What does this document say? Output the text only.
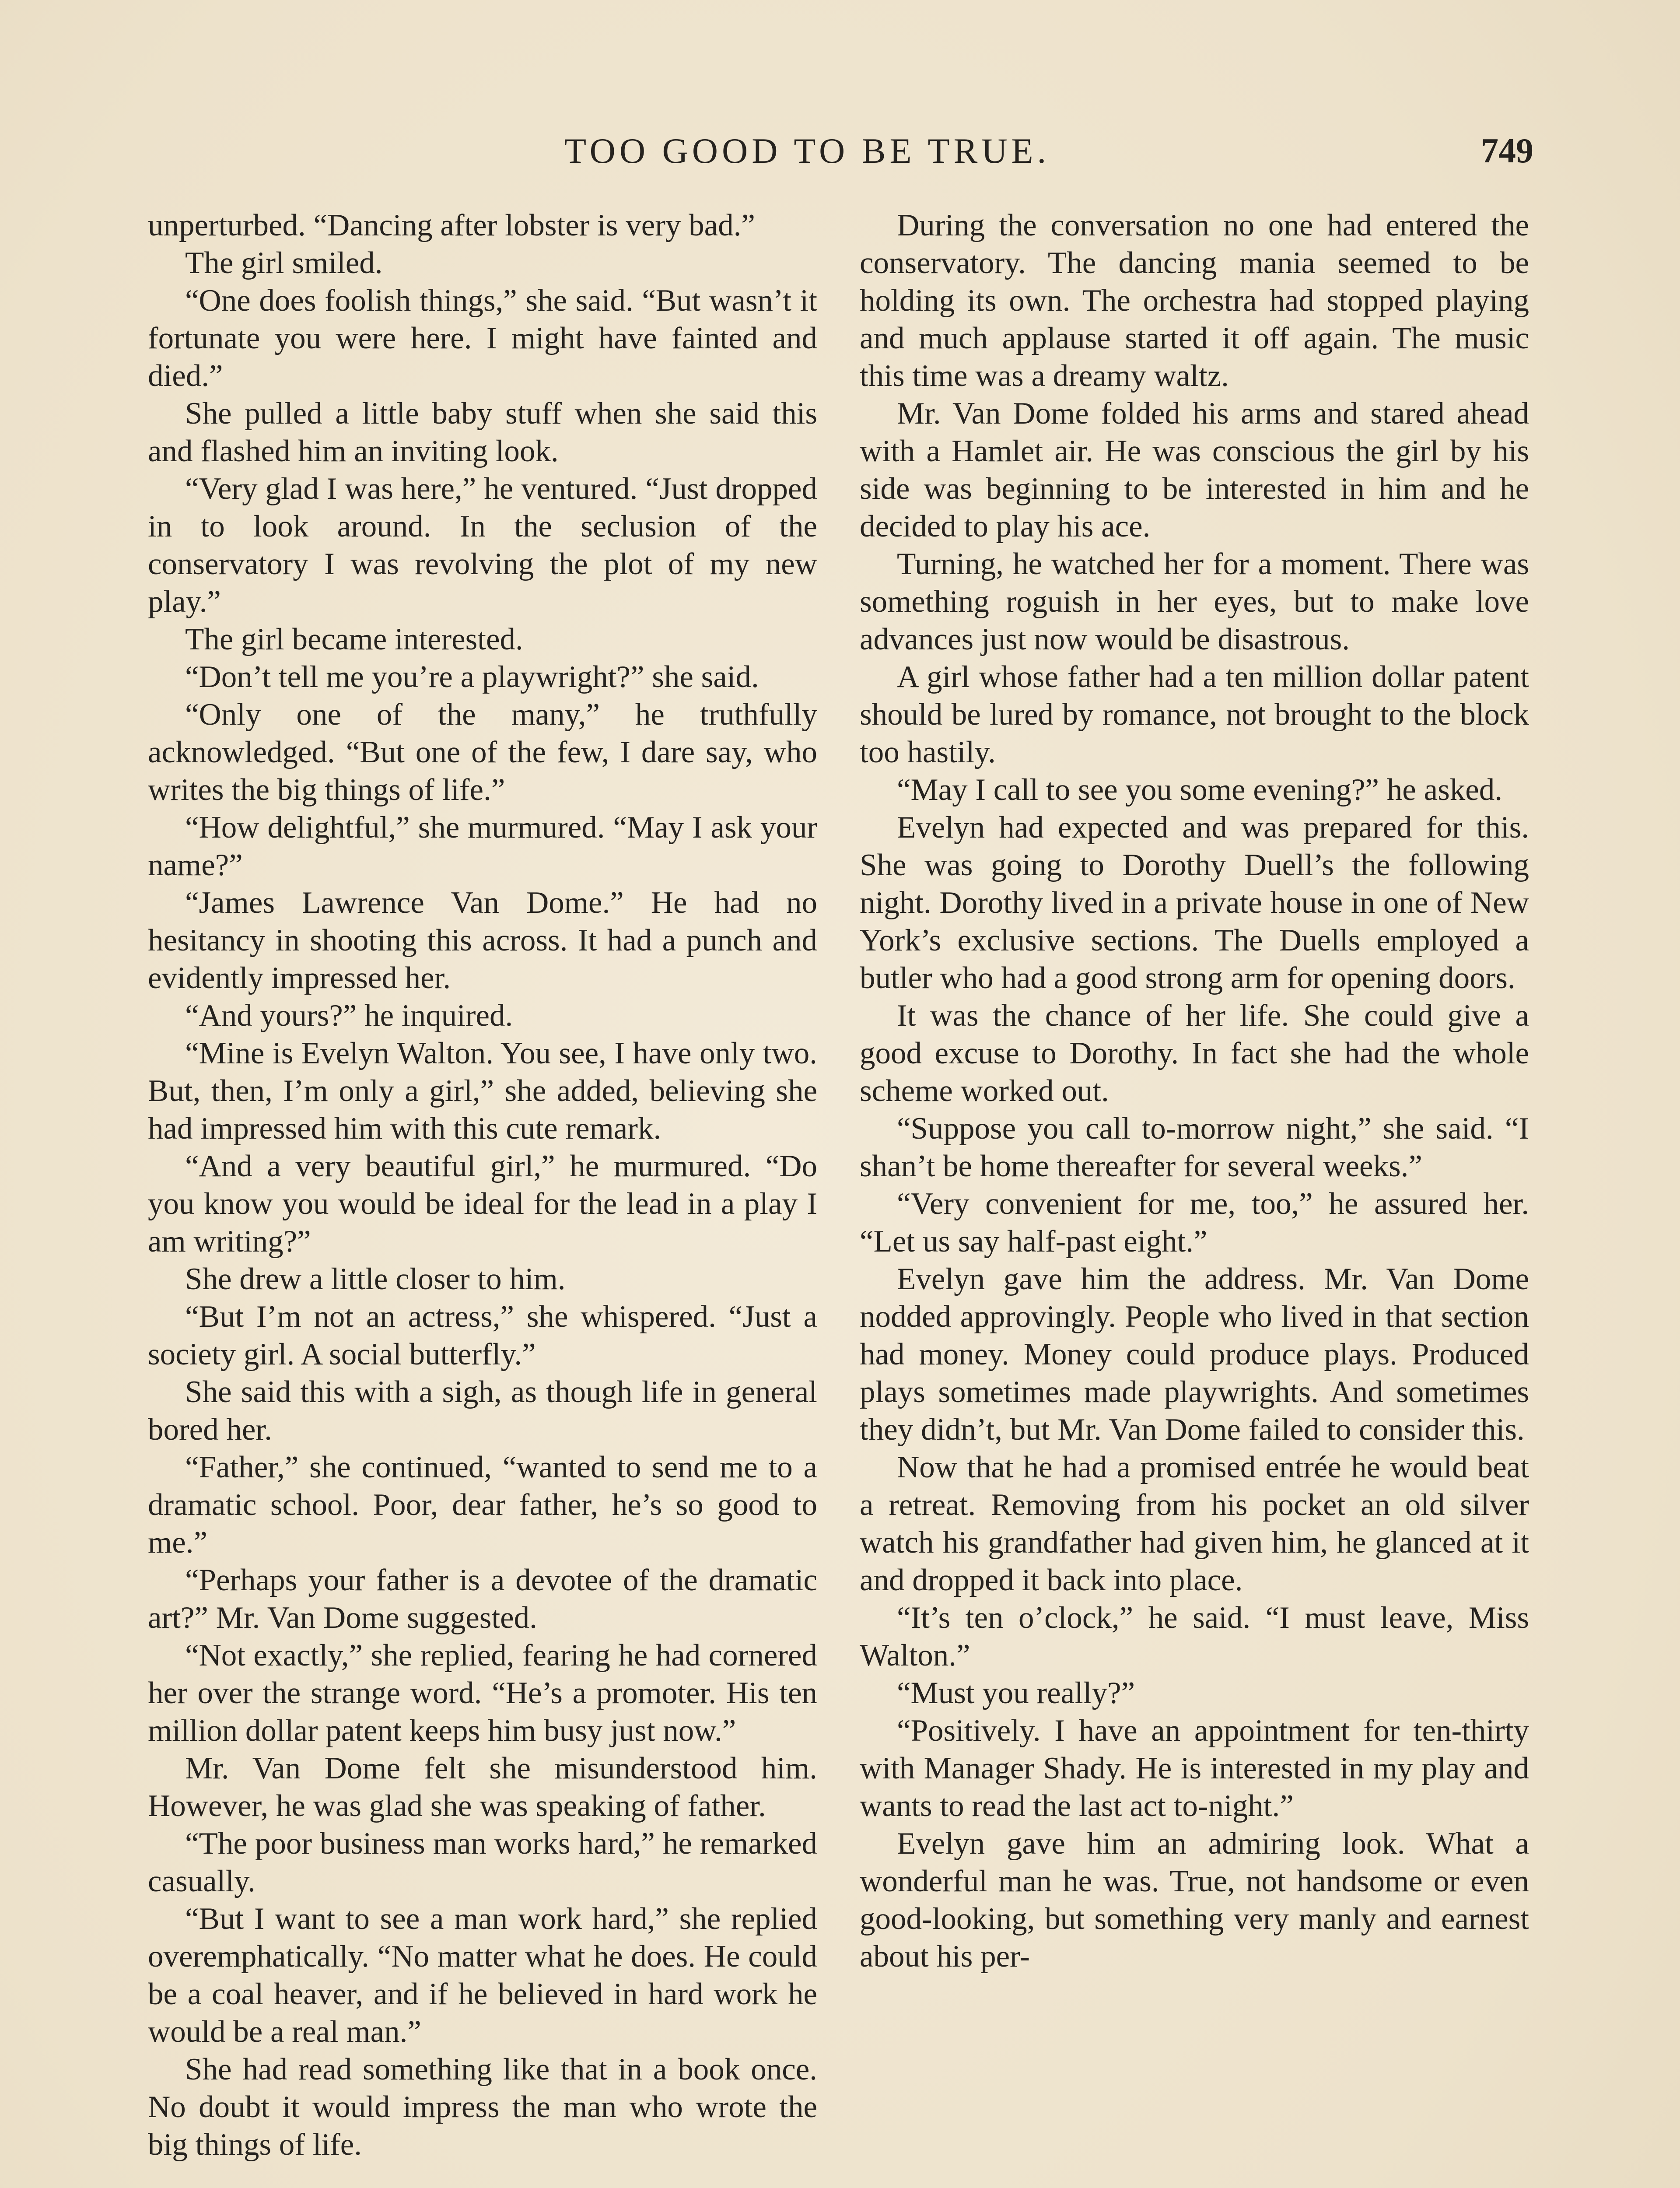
TOO GOOD TO BE TRUE.	749

unperturbed. “Dancing after lobster is very bad.”

The girl smiled.

“One does foolish things,” she said. “But wasn’t it fortunate you were here. I might have fainted and died.”

She pulled a little baby stuff when she said this and flashed him an inviting look.

“Very glad I was here,” he ventured. “Just dropped in to look around. In the seclusion of the conservatory I was revolving the plot of my new play.”

The girl became interested.

“Don’t tell me you’re a playwright?” she said.

“Only one of the many,” he truthfully acknowledged. “But one of the few, I dare say, who writes the big things of life.”

“How delightful,” she murmured. “May I ask your name?”

“James Lawrence Van Dome.” He had no hesitancy in shooting this across. It had a punch and evidently impressed her.

“And yours?” he inquired.

“Mine is Evelyn Walton. You see, I have only two. But, then, I’m only a girl,” she added, believing she had impressed him with this cute remark.

“And a very beautiful girl,” he murmured. “Do you know you would be ideal for the lead in a play I am writing?”

She drew a little closer to him.

“But I’m not an actress,” she whispered. “Just a society girl. A social butterfly.”

She said this with a sigh, as though life in general bored her.

“Father,” she continued, “wanted to send me to a dramatic school. Poor, dear father, he’s so good to me.”

“Perhaps your father is a devotee of the dramatic art?” Mr. Van Dome suggested.

“Not exactly,” she replied, fearing he had cornered her over the strange word. “He’s a promoter. His ten million dollar patent keeps him busy just now.”

Mr. Van Dome felt she misunderstood him. However, he was glad she was speaking of father.

“The poor business man works hard,” he remarked casually.

“But I want to see a man work hard,” she replied overemphatically. “No matter what he does. He could be a coal heaver, and if he believed in hard work he would be a real man.”

She had read something like that in a book once. No doubt it would impress the man who wrote the big things of life.

During the conversation no one had entered the conservatory. The dancing mania seemed to be holding its own. The orchestra had stopped playing and much applause started it off again. The music this time was a dreamy waltz.

Mr. Van Dome folded his arms and stared ahead with a Hamlet air. He was conscious the girl by his side was beginning to be interested in him and he decided to play his ace.

Turning, he watched her for a moment. There was something roguish in her eyes, but to make love advances just now would be disastrous.

A girl whose father had a ten million dollar patent should be lured by romance, not brought to the block too hastily.

“May I call to see you some evening?” he asked.

Evelyn had expected and was prepared for this. She was going to Dorothy Duell’s the following night. Dorothy lived in a private house in one of New York’s exclusive sections. The Duells employed a butler who had a good strong arm for opening doors.

It was the chance of her life. She could give a good excuse to Dorothy. In fact she had the whole scheme worked out.

“Suppose you call to-morrow night,” she said. “I shan’t be home thereafter for several weeks.”

“Very convenient for me, too,” he assured her. “Let us say half-past eight.”

Evelyn gave him the address. Mr. Van Dome nodded approvingly. People who lived in that section had money. Money could produce plays. Produced plays sometimes made playwrights. And sometimes they didn’t, but Mr. Van Dome failed to consider this.

Now that he had a promised entrée he would beat a retreat. Removing from his pocket an old silver watch his grandfather had given him, he glanced at it and dropped it back into place.

“It’s ten o’clock,” he said. “I must leave, Miss Walton.”

“Must you really?”

“Positively. I have an appointment for ten-thirty with Manager Shady. He is interested in my play and wants to read the last act to-night.”

Evelyn gave him an admiring look. What a wonderful man he was. True, not handsome or even good-looking, but something very manly and earnest about his per-
